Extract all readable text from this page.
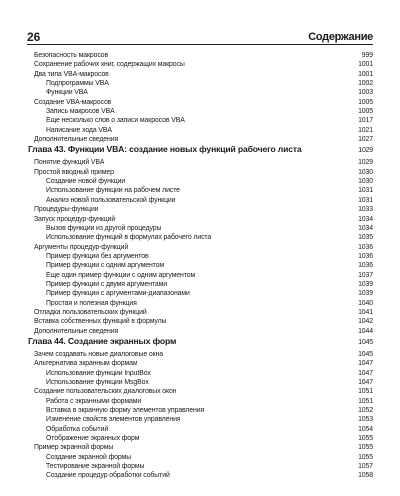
26	Содержание
Безопасность макросов	999
Сохранение рабочих книг, содержащих макросы	1001
Два типа VBA-макросов	1001
Подпрограммы VBA	1002
Функции VBA	1003
Создание VBA-макросов	1005
Запись макросов VBA	1005
Еще несколько слов о записи макросов VBA	1017
Написание хода VBA	1021
Дополнительные сведения	1027
Глава 43. Функции VBA: создание новых функций рабочего листа	1029
Понятие функций VBA	1029
Простой вводный пример	1030
Создание новой функции	1030
Использование функции на рабочем листе	1031
Анализ новой пользовательской функции	1031
Процедуры-функции	1033
Запуск процедур-функций	1034
Вызов функции из другой процедуры	1034
Использование функций в формулах рабочего листа	1035
Аргументы процедур-функций	1036
Пример функции без аргументов	1036
Пример функции с одним аргументом	1036
Еще один пример функции с одним аргументом	1037
Пример функции с двумя аргументами	1039
Пример функции с аргументами-диапазонами	1039
Простая и полезная функция	1040
Отладка пользовательских функций	1041
Вставка собственных функций в формулы	1042
Дополнительные сведения	1044
Глава 44. Создание экранных форм	1045
Зачем создавать новые диалоговые окна	1045
Альтернатива экранным формам	1047
Использование функции InputBox	1047
Использование функции MsgBox	1047
Создание пользовательских диалоговых окон	1051
Работа с экранными формами	1051
Вставка в экранную форму элементов управления	1052
Изменение свойств элементов управления	1053
Обработка событий	1054
Отображение экранных форм	1055
Пример экранной формы	1055
Создание экранной формы	1055
Тестирование экранной формы	1057
Создание процедур обработки событий	1058
